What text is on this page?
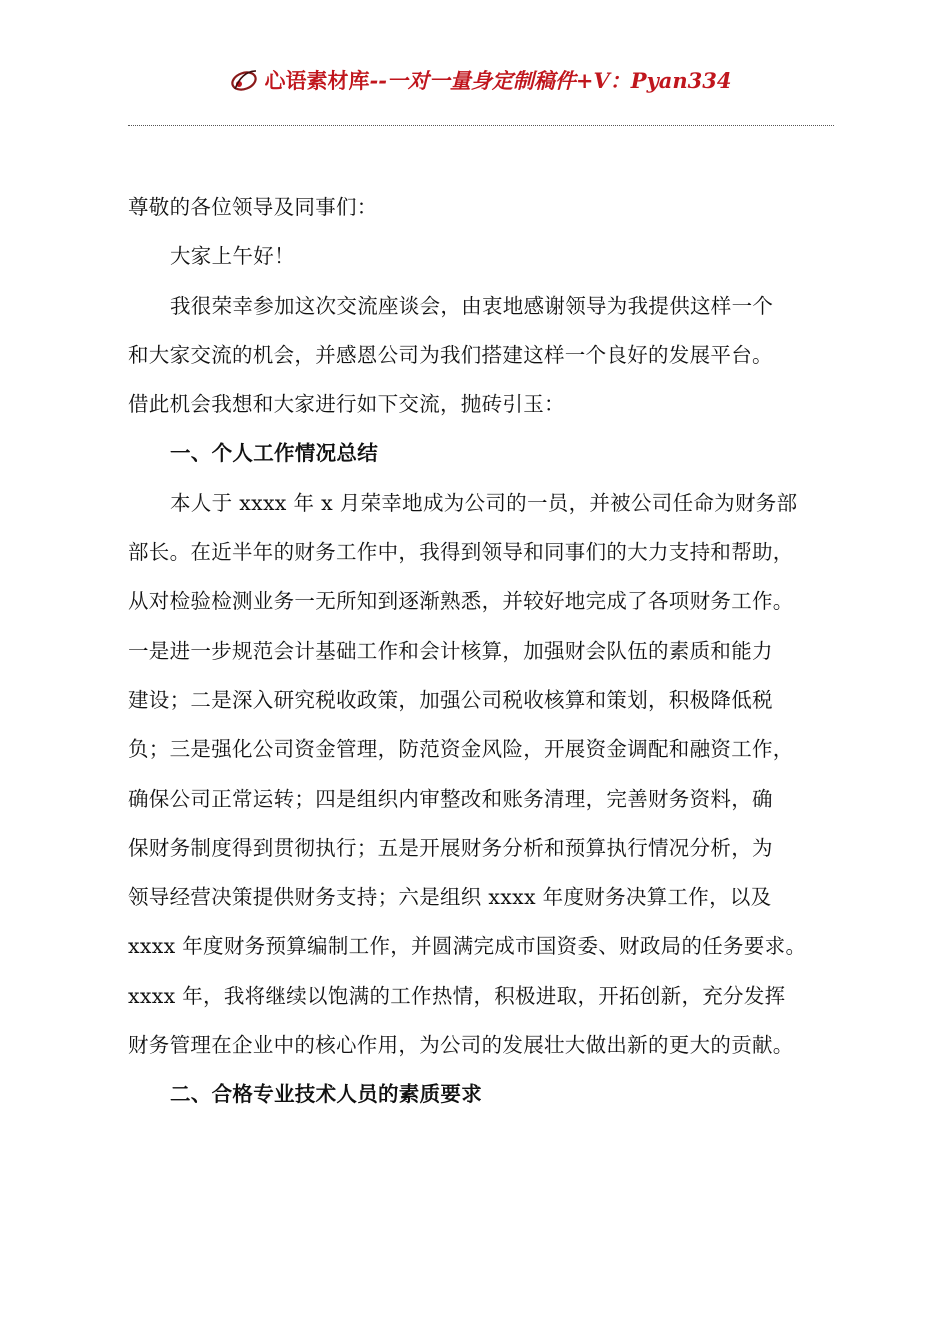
心语素材库 --一对一量身定制稿件+V：Pyan334
尊敬的各位领导及同事们：
大家上午好！
我很荣幸参加这次交流座谈会，由衷地感谢领导为我提供这样一个
和大家交流的机会，并感恩公司为我们搭建这样一个良好的发展平台。
借此机会我想和大家进行如下交流，抛砖引玉：
一、个人工作情况总结
本人于 xxxx 年 x 月荣幸地成为公司的一员，并被公司任命为财务部
部长。在近半年的财务工作中，我得到领导和同事们的大力支持和帮助，
从对检验检测业务一无所知到逐渐熟悉，并较好地完成了各项财务工作。
一是进一步规范会计基础工作和会计核算，加强财会队伍的素质和能力
建设；二是深入研究税收政策，加强公司税收核算和策划，积极降低税
负；三是强化公司资金管理，防范资金风险，开展资金调配和融资工作，
确保公司正常运转；四是组织内审整改和账务清理，完善财务资料，确
保财务制度得到贯彻执行；五是开展财务分析和预算执行情况分析，为
领导经营决策提供财务支持；六是组织 xxxx 年度财务决算工作，以及
xxxx 年度财务预算编制工作，并圆满完成市国资委、财政局的任务要求。
xxxx 年，我将继续以饱满的工作热情，积极进取，开拓创新，充分发挥
财务管理在企业中的核心作用，为公司的发展壮大做出新的更大的贡献。
二、合格专业技术人员的素质要求
